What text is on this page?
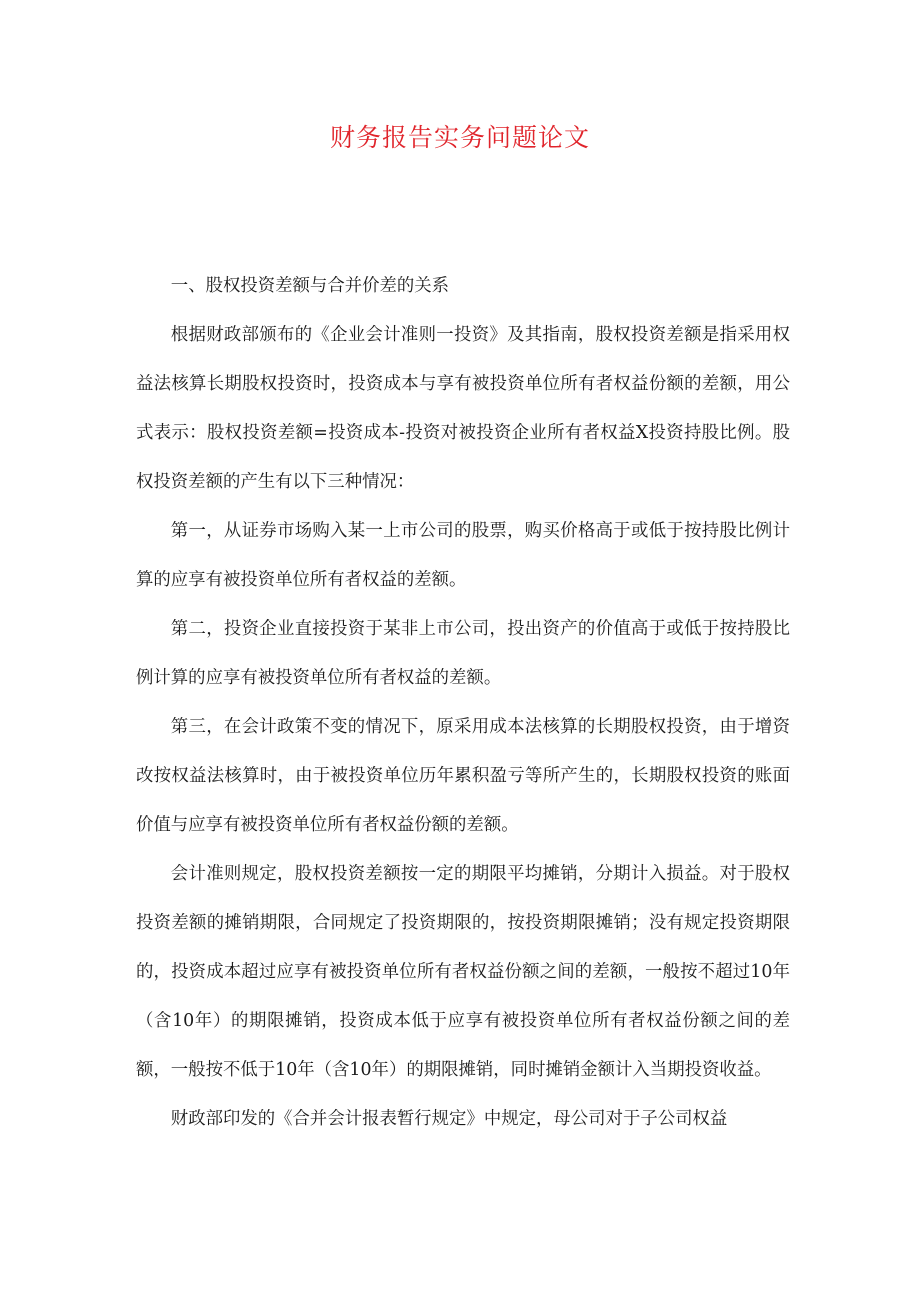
财务报告实务问题论文

一、股权投资差额与合并价差的关系

根据财政部颁布的《企业会计准则一投资》及其指南，股权投资差额是指采用权益法核算长期股权投资时，投资成本与享有被投资单位所有者权益份额的差额，用公式表示：股权投资差额=投资成本-投资对被投资企业所有者权益X投资持股比例。股权投资差额的产生有以下三种情况：

第一，从证券市场购入某一上市公司的股票，购买价格高于或低于按持股比例计算的应享有被投资单位所有者权益的差额。

第二，投资企业直接投资于某非上市公司，投出资产的价值高于或低于按持股比例计算的应享有被投资单位所有者权益的差额。

第三，在会计政策不变的情况下，原采用成本法核算的长期股权投资，由于增资改按权益法核算时，由于被投资单位历年累积盈亏等所产生的，长期股权投资的账面价值与应享有被投资单位所有者权益份额的差额。

会计准则规定，股权投资差额按一定的期限平均摊销，分期计入损益。对于股权投资差额的摊销期限，合同规定了投资期限的，按投资期限摊销；没有规定投资期限的，投资成本超过应享有被投资单位所有者权益份额之间的差额，一般按不超过10年（含10年）的期限摊销，投资成本低于应享有被投资单位所有者权益份额之间的差额，一般按不低于10年（含10年）的期限摊销，同时摊销金额计入当期投资收益。

财政部印发的《合并会计报表暂行规定》中规定，母公司对于子公司权益
